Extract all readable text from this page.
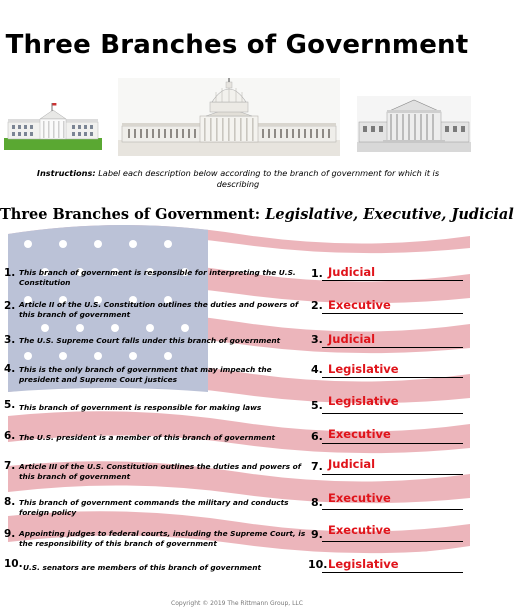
Three Branches of Government
Instructions: Label each description below according to the branch of government for which it is describing
Three Branches of Government: Legislative, Executive, Judicial
1. This branch of government is responsible for interpreting the U.S. Constitution
1. Judicial
2. Article II of the U.S. Constitution outlines the duties and powers of this branch of government
2. Executive
3. The U.S. Supreme Court falls under this branch of government	3. Judicial
4. This is the only branch of government that may impeach the president and Supreme Court justices
4. Legislative
5. This branch of government is responsible for making laws	5. Legislative
6. The U.S. president is a member of this branch of government	6. Executive
7. Article III of the U.S. Constitution outlines the duties and powers of this branch of government
7. Judicial
8. This branch of government commands the military and conducts foreign policy
8. Executive
9. Appointing judges to federal courts, including the Supreme Court, is the responsibility of this branch of government
9. Executive
10. U.S. senators are members of this branch of government	10. Legislative
Copyright © 2019 The Rittmann Group, LLC
